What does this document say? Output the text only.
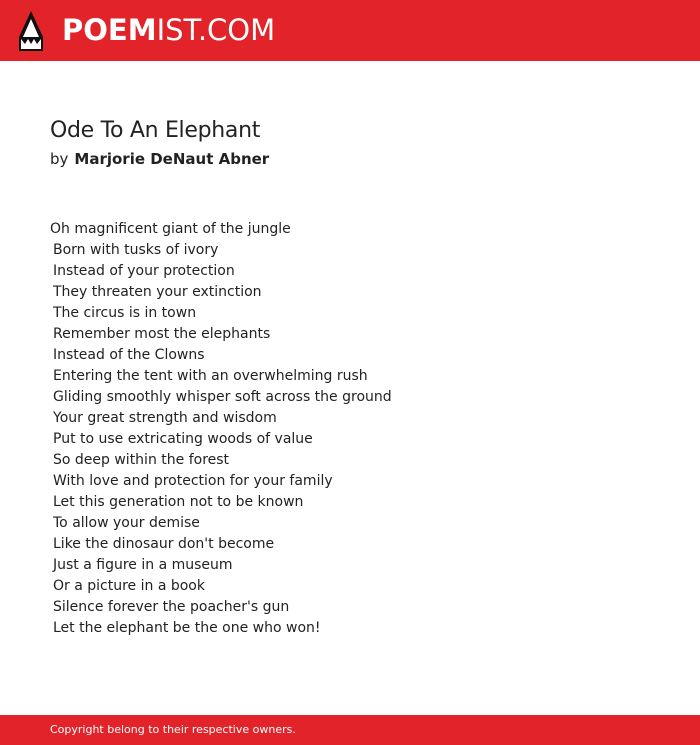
POEMIST.COM
Ode To An Elephant
by Marjorie DeNaut Abner
Oh magnificent giant of the jungle
Born with tusks of ivory
Instead of your protection
They threaten your extinction
The circus is in town
Remember most the elephants
Instead of the Clowns
Entering the tent with an overwhelming rush
Gliding smoothly whisper soft across the ground
Your great strength and wisdom
Put to use extricating woods of value
So deep within the forest
With love and protection for your family
Let this generation not to be known
To allow your demise
Like the dinosaur don't become
Just a figure in a museum
Or a picture in a book
Silence forever the poacher's gun
Let the elephant be the one who won!
Copyright belong to their respective owners.
